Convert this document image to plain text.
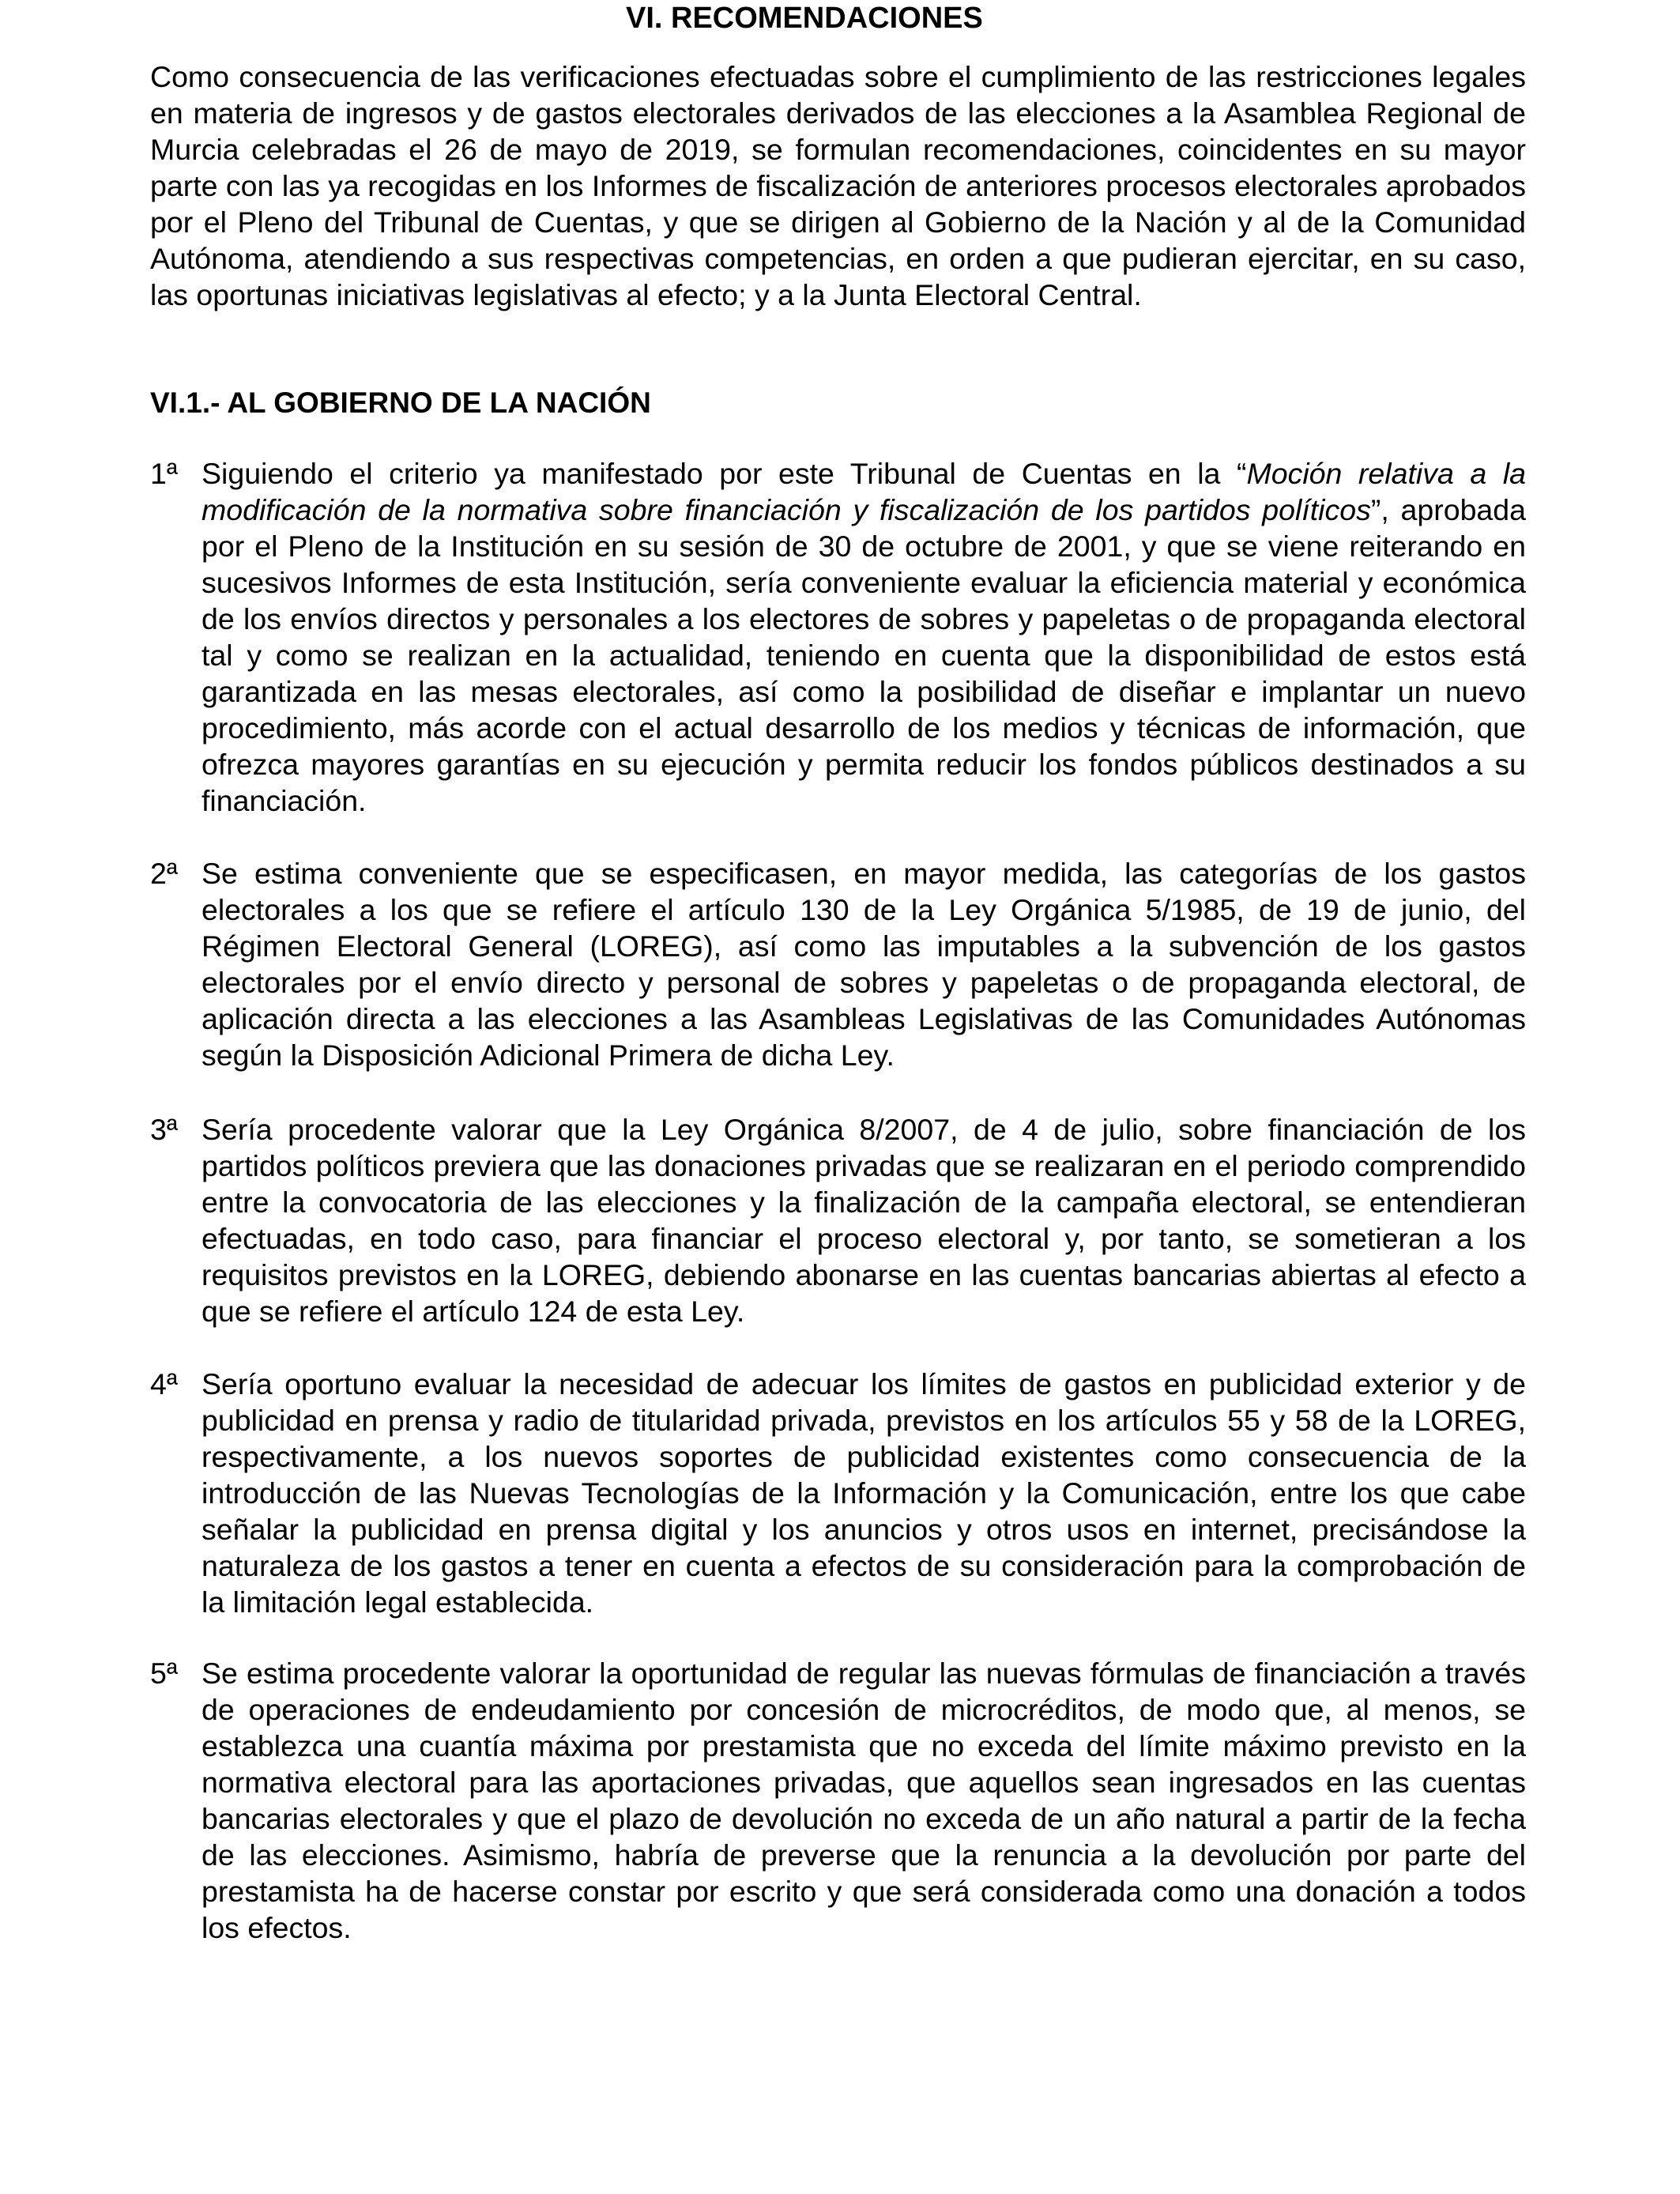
VI. RECOMENDACIONES

Como consecuencia de las verificaciones efectuadas sobre el cumplimiento de las restricciones legales en materia de ingresos y de gastos electorales derivados de las elecciones a la Asamblea Regional de Murcia celebradas el 26 de mayo de 2019, se formulan recomendaciones, coincidentes en su mayor parte con las ya recogidas en los Informes de fiscalización de anteriores procesos electorales aprobados por el Pleno del Tribunal de Cuentas, y que se dirigen al Gobierno de la Nación y al de la Comunidad Autónoma, atendiendo a sus respectivas competencias, en orden a que pudieran ejercitar, en su caso, las oportunas iniciativas legislativas al efecto; y a la Junta Electoral Central.

VI.1.- AL GOBIERNO DE LA NACIÓN
1ª Siguiendo el criterio ya manifestado por este Tribunal de Cuentas en la “Moción relativa a la modificación de la normativa sobre financiación y fiscalización de los partidos políticos”, aprobada por el Pleno de la Institución en su sesión de 30 de octubre de 2001, y que se viene reiterando en sucesivos Informes de esta Institución, sería conveniente evaluar la eficiencia material y económica de los envíos directos y personales a los electores de sobres y papeletas o de propaganda electoral tal y como se realizan en la actualidad, teniendo en cuenta que la disponibilidad de estos está garantizada en las mesas electorales, así como la posibilidad de diseñar e implantar un nuevo procedimiento, más acorde con el actual desarrollo de los medios y técnicas de información, que ofrezca mayores garantías en su ejecución y permita reducir los fondos públicos destinados a su financiación.

2ª Se estima conveniente que se especificasen, en mayor medida, las categorías de los gastos electorales a los que se refiere el artículo 130 de la Ley Orgánica 5/1985, de 19 de junio, del Régimen Electoral General (LOREG), así como las imputables a la subvención de los gastos electorales por el envío directo y personal de sobres y papeletas o de propaganda electoral, de aplicación directa a las elecciones a las Asambleas Legislativas de las Comunidades Autónomas según la Disposición Adicional Primera de dicha Ley.

3ª Sería procedente valorar que la Ley Orgánica 8/2007, de 4 de julio, sobre financiación de los partidos políticos previera que las donaciones privadas que se realizaran en el periodo comprendido entre la convocatoria de las elecciones y la finalización de la campaña electoral, se entendieran efectuadas, en todo caso, para financiar el proceso electoral y, por tanto, se sometieran a los requisitos previstos en la LOREG, debiendo abonarse en las cuentas bancarias abiertas al efecto a que se refiere el artículo 124 de esta Ley.

4ª Sería oportuno evaluar la necesidad de adecuar los límites de gastos en publicidad exterior y de publicidad en prensa y radio de titularidad privada, previstos en los artículos 55 y 58 de la LOREG, respectivamente, a los nuevos soportes de publicidad existentes como consecuencia de la introducción de las Nuevas Tecnologías de la Información y la Comunicación, entre los que cabe señalar la publicidad en prensa digital y los anuncios y otros usos en internet, precisándose la naturaleza de los gastos a tener en cuenta a efectos de su consideración para la comprobación de la limitación legal establecida.

5ª Se estima procedente valorar la oportunidad de regular las nuevas fórmulas de financiación a través de operaciones de endeudamiento por concesión de microcréditos, de modo que, al menos, se establezca una cuantía máxima por prestamista que no exceda del límite máximo previsto en la normativa electoral para las aportaciones privadas, que aquellos sean ingresados en las cuentas bancarias electorales y que el plazo de devolución no exceda de un año natural a partir de la fecha de las elecciones. Asimismo, habría de preverse que la renuncia a la devolución por parte del prestamista ha de hacerse constar por escrito y que será considerada como una donación a todos los efectos.
